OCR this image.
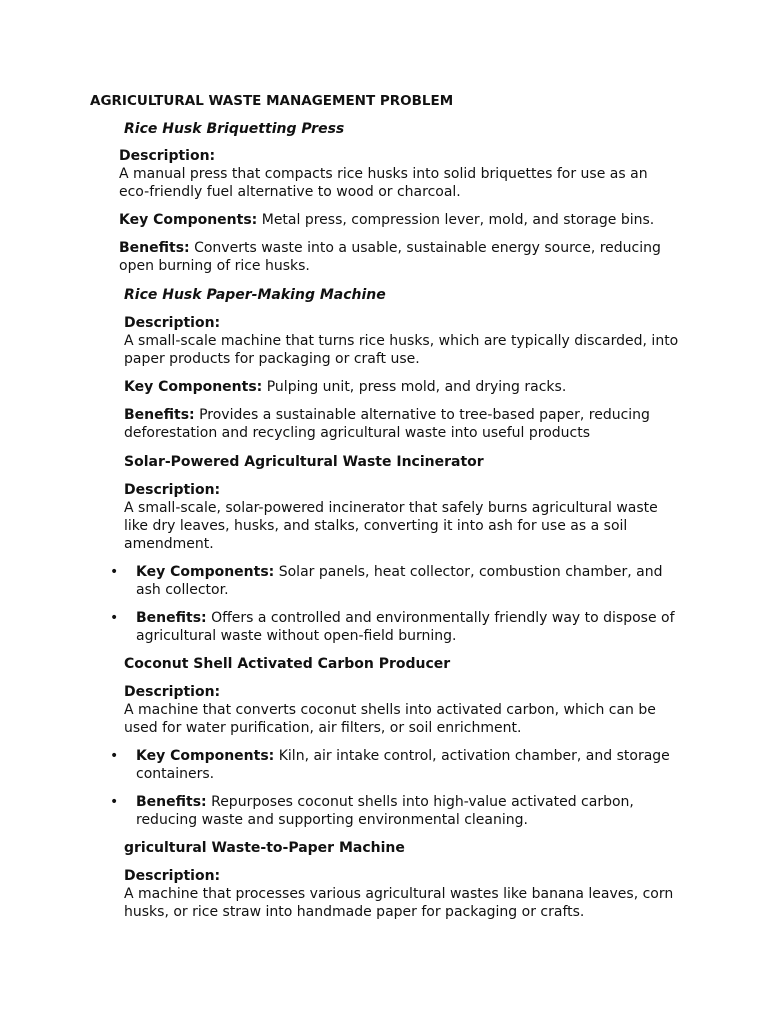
AGRICULTURAL WASTE MANAGEMENT PROBLEM

Rice Husk Briquetting Press

Description:
A manual press that compacts rice husks into solid briquettes for use as an eco-friendly fuel alternative to wood or charcoal.

Key Components: Metal press, compression lever, mold, and storage bins.

Benefits: Converts waste into a usable, sustainable energy source, reducing open burning of rice husks.

Rice Husk Paper-Making Machine

Description:
A small-scale machine that turns rice husks, which are typically discarded, into paper products for packaging or craft use.

Key Components: Pulping unit, press mold, and drying racks.

Benefits: Provides a sustainable alternative to tree-based paper, reducing deforestation and recycling agricultural waste into useful products

Solar-Powered Agricultural Waste Incinerator

Description:
A small-scale, solar-powered incinerator that safely burns agricultural waste like dry leaves, husks, and stalks, converting it into ash for use as a soil amendment.

• Key Components: Solar panels, heat collector, combustion chamber, and ash collector.
• Benefits: Offers a controlled and environmentally friendly way to dispose of agricultural waste without open-field burning.

Coconut Shell Activated Carbon Producer

Description:
A machine that converts coconut shells into activated carbon, which can be used for water purification, air filters, or soil enrichment.

• Key Components: Kiln, air intake control, activation chamber, and storage containers.
• Benefits: Repurposes coconut shells into high-value activated carbon, reducing waste and supporting environmental cleaning.

gricultural Waste-to-Paper Machine

Description:
A machine that processes various agricultural wastes like banana leaves, corn husks, or rice straw into handmade paper for packaging or crafts.
